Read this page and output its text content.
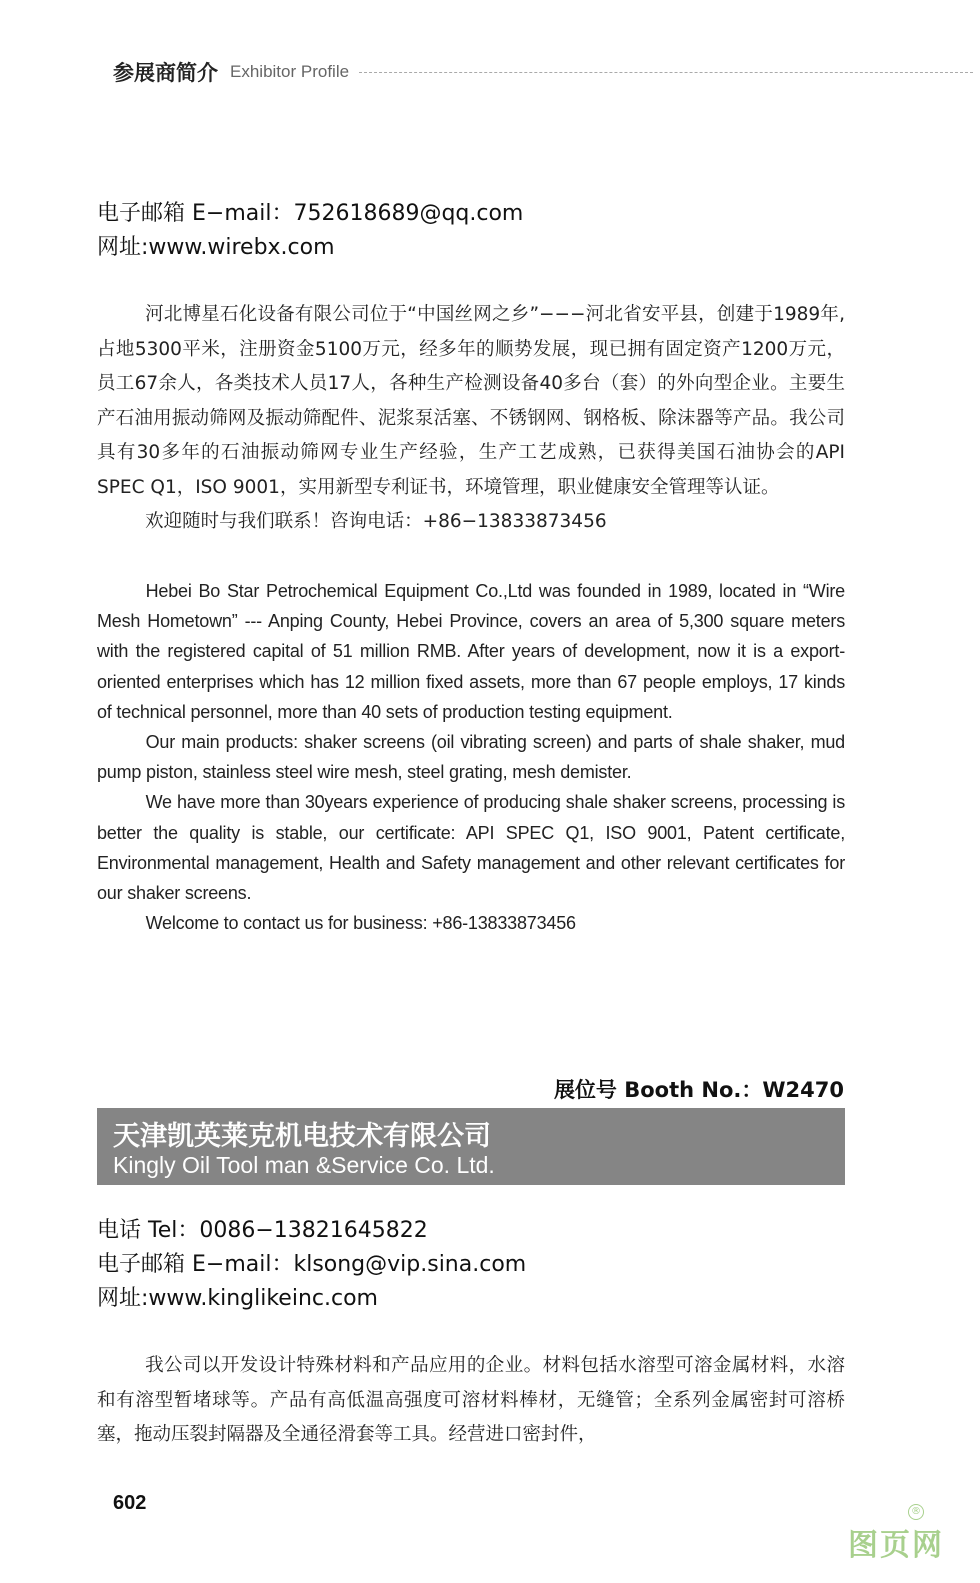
参展商简介 Exhibitor Profile
电子邮箱 E−mail：752618689@qq.com
网址:www.wirebx.com

河北博星石化设备有限公司位于“中国丝网之乡”−−−河北省安平县，创建于1989年,占地5300平米，注册资金5100万元，经多年的顺势发展，现已拥有固定资产1200万元，员工67余人，各类技术人员17人，各种生产检测设备40多台（套）的外向型企业。主要生产石油用振动筛网及振动筛配件、泥浆泵活塞、不锈钢网、钢格板、除沫器等产品。我公司具有30多年的石油振动筛网专业生产经验，生产工艺成熟，已获得美国石油协会的API SPEC Q1，ISO 9001，实用新型专利证书，环境管理，职业健康安全管理等认证。

欢迎随时与我们联系！咨询电话：+86−13833873456

Hebei Bo Star Petrochemical Equipment Co.,Ltd was founded in 1989, located in “Wire Mesh Hometown” --- Anping County, Hebei Province, covers an area of 5,300 square meters with the registered capital of 51 million RMB. After years of development, now it is a export-oriented enterprises which has 12 million fixed assets, more than 67 people employs, 17 kinds of technical personnel, more than 40 sets of production testing equipment.

Our main products: shaker screens (oil vibrating screen) and parts of shale shaker, mud pump piston, stainless steel wire mesh, steel grating, mesh demister.

We have more than 30years experience of producing shale shaker screens, processing is better the quality is stable, our certificate: API SPEC Q1, ISO 9001, Patent certificate, Environmental management, Health and Safety management and other relevant certificates for our shaker screens.

Welcome to contact us for business: +86-13833873456

展位号 Booth No.：W2470
天津凯英莱克机电技术有限公司
Kingly Oil Tool man &Service Co. Ltd.
电话 Tel：0086−13821645822
电子邮箱 E−mail：klsong@vip.sina.com
网址:www.kinglikeinc.com

我公司以开发设计特殊材料和产品应用的企业。材料包括水溶型可溶金属材料，水溶和有溶型暂堵球等。产品有高低温高强度可溶材料棒材，无缝管；全系列金属密封可溶桥塞，拖动压裂封隔器及全通径滑套等工具。经营进口密封件，

602	®
图页网
